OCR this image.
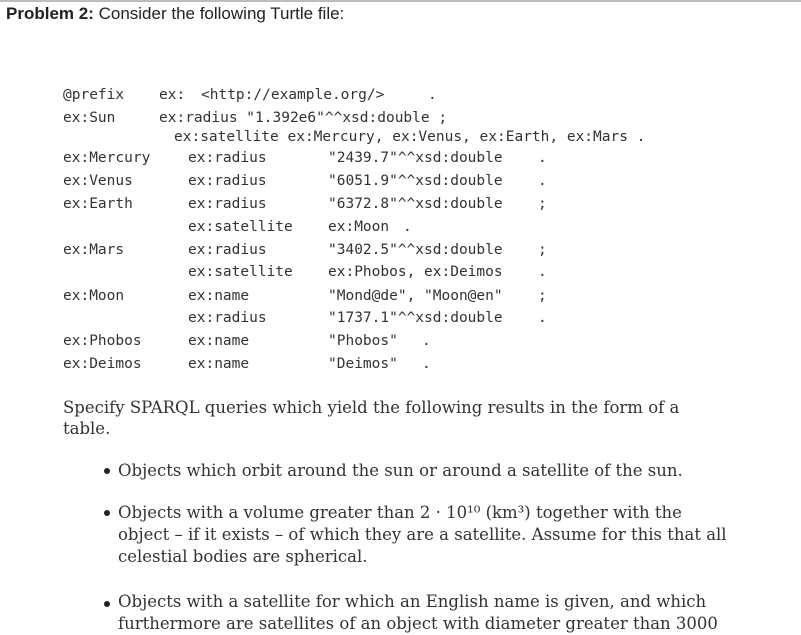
Problem 2: Consider the following Turtle file:
@prefix ex: <http://example.org/>	.
ex:Sun	ex:radius "1.392e6"^^xsd:double ;
ex:satellite ex:Mercury, ex:Venus, ex:Earth, ex:Mars .
ex:Mercury	ex:radius	"2439.7"^^xsd:double .
ex:Venus	ex:radius	"6051.9"^^xsd:double .
ex:Earth	ex:radius	"6372.8"^^xsd:double ;
ex:satellite ex:Moon .
ex:Mars	ex:radius	"3402.5"^^xsd:double ;
ex:satellite ex:Phobos, ex:Deimos .
ex:Moon	ex:name	"Mond@de", "Moon@en" ;
ex:radius	"1737.1"^^xsd:double .
ex:Phobos	ex:name	"Phobos" .
ex:Deimos	ex:name	"Deimos" .
Specify SPARQL queries which yield the following results in the form of a table.
Objects which orbit around the sun or around a satellite of the sun.
Objects with a volume greater than 2 · 10¹⁰ (km³) together with the object – if it exists – of which they are a satellite. Assume for this that all celestial bodies are spherical.
Objects with a satellite for which an English name is given, and which furthermore are satellites of an object with diameter greater than 3000
